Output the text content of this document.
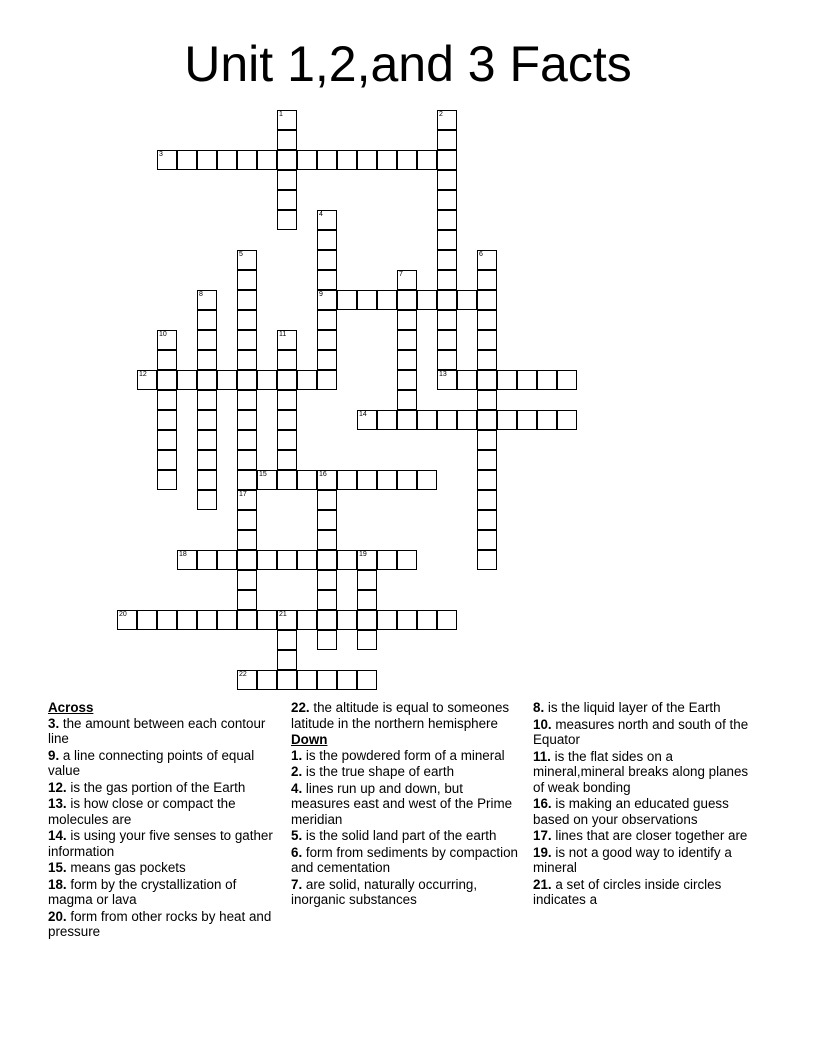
Unit 1,2,and 3 Facts
1	2
13
3
4
9
5	6
7
8
10	11
12
14
15	16
17
18	19
20	21
22
Across
3. the amount between each contour line
9. a line connecting points of equal value
12. is the gas portion of the Earth
13. is how close or compact the molecules are
14. is using your five senses to gather information
15. means gas pockets
18. form by the crystallization of magma or lava
20. form from other rocks by heat and pressure
22. the altitude is equal to someones latitude in the northern hemisphere
Down
1. is the powdered form of a mineral
2. is the true shape of earth
4. lines run up and down, but measures east and west of the Prime meridian
5. is the solid land part of the earth
6. form from sediments by compaction and cementation
7. are solid, naturally occurring, inorganic substances
8. is the liquid layer of the Earth
10. measures north and south of the Equator
11. is the flat sides on a mineral,mineral breaks along planes of weak bonding
16. is making an educated guess based on your observations
17. lines that are closer together are
19. is not a good way to identify a mineral
21. a set of circles inside circles indicates a
